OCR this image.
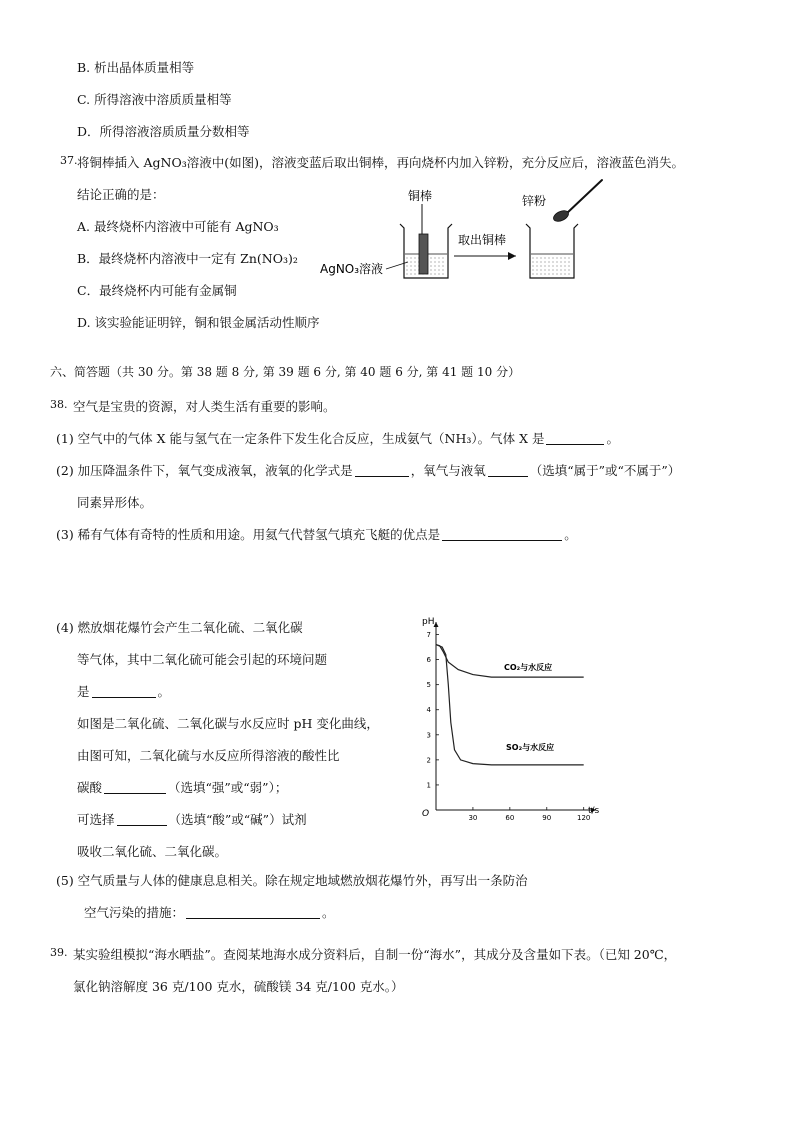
B. 析出晶体质量相等
C. 所得溶液中溶质质量相等
D．所得溶液溶质质量分数相等
37. 将铜棒插入 AgNO₃溶液中(如图)，溶液变蓝后取出铜棒，再向烧杯内加入锌粉，充分反应后，溶液蓝色消失。
结论正确的是：
A. 最终烧杯内溶液中可能有 AgNO₃
B．最终烧杯内溶液中一定有 Zn(NO₃)₂
C．最终烧杯内可能有金属铜
D. 该实验能证明锌，铜和银金属活动性顺序
铜棒
AgNO₃溶液
取出铜棒
锌粉
六、简答题（共 30 分。第 38 题 8 分, 第 39 题 6 分, 第 40 题 6 分, 第 41 题 10 分）
38. 空气是宝贵的资源，对人类生活有重要的影响。
(1) 空气中的气体 X 能与氢气在一定条件下发生化合反应，生成氨气（NH₃）。气体 X 是	。
(2) 加压降温条件下，氧气变成液氧，液氧的化学式是	，氧气与液氧	（选填“属于”或“不属于”）
同素异形体。
(3) 稀有气体有奇特的性质和用途。用氦气代替氢气填充飞艇的优点是	。
(4) 燃放烟花爆竹会产生二氧化硫、二氧化碳
等气体，其中二氧化硫可能会引起的环境问题
是	。
如图是二氧化硫、二氧化碳与水反应时 pH 变化曲线，
由图可知，二氧化硫与水反应所得溶液的酸性比
碳酸	（选填“强”或“弱”）；
可选择	（选填“酸”或“碱”）试剂
吸收二氧化硫、二氧化碳。
30	60	90	120
1
2
3
4
5
6
7
pH
t/s
O
CO₂与水反应
SO₂与水反应
(5) 空气质量与人体的健康息息相关。除在规定地域燃放烟花爆竹外，再写出一条防治
空气污染的措施：	。
39. 某实验组模拟“海水晒盐”。查阅某地海水成分资料后，自制一份“海水”，其成分及含量如下表。（已知 20℃，
氯化钠溶解度 36 克/100 克水，硫酸镁 34 克/100 克水。）
